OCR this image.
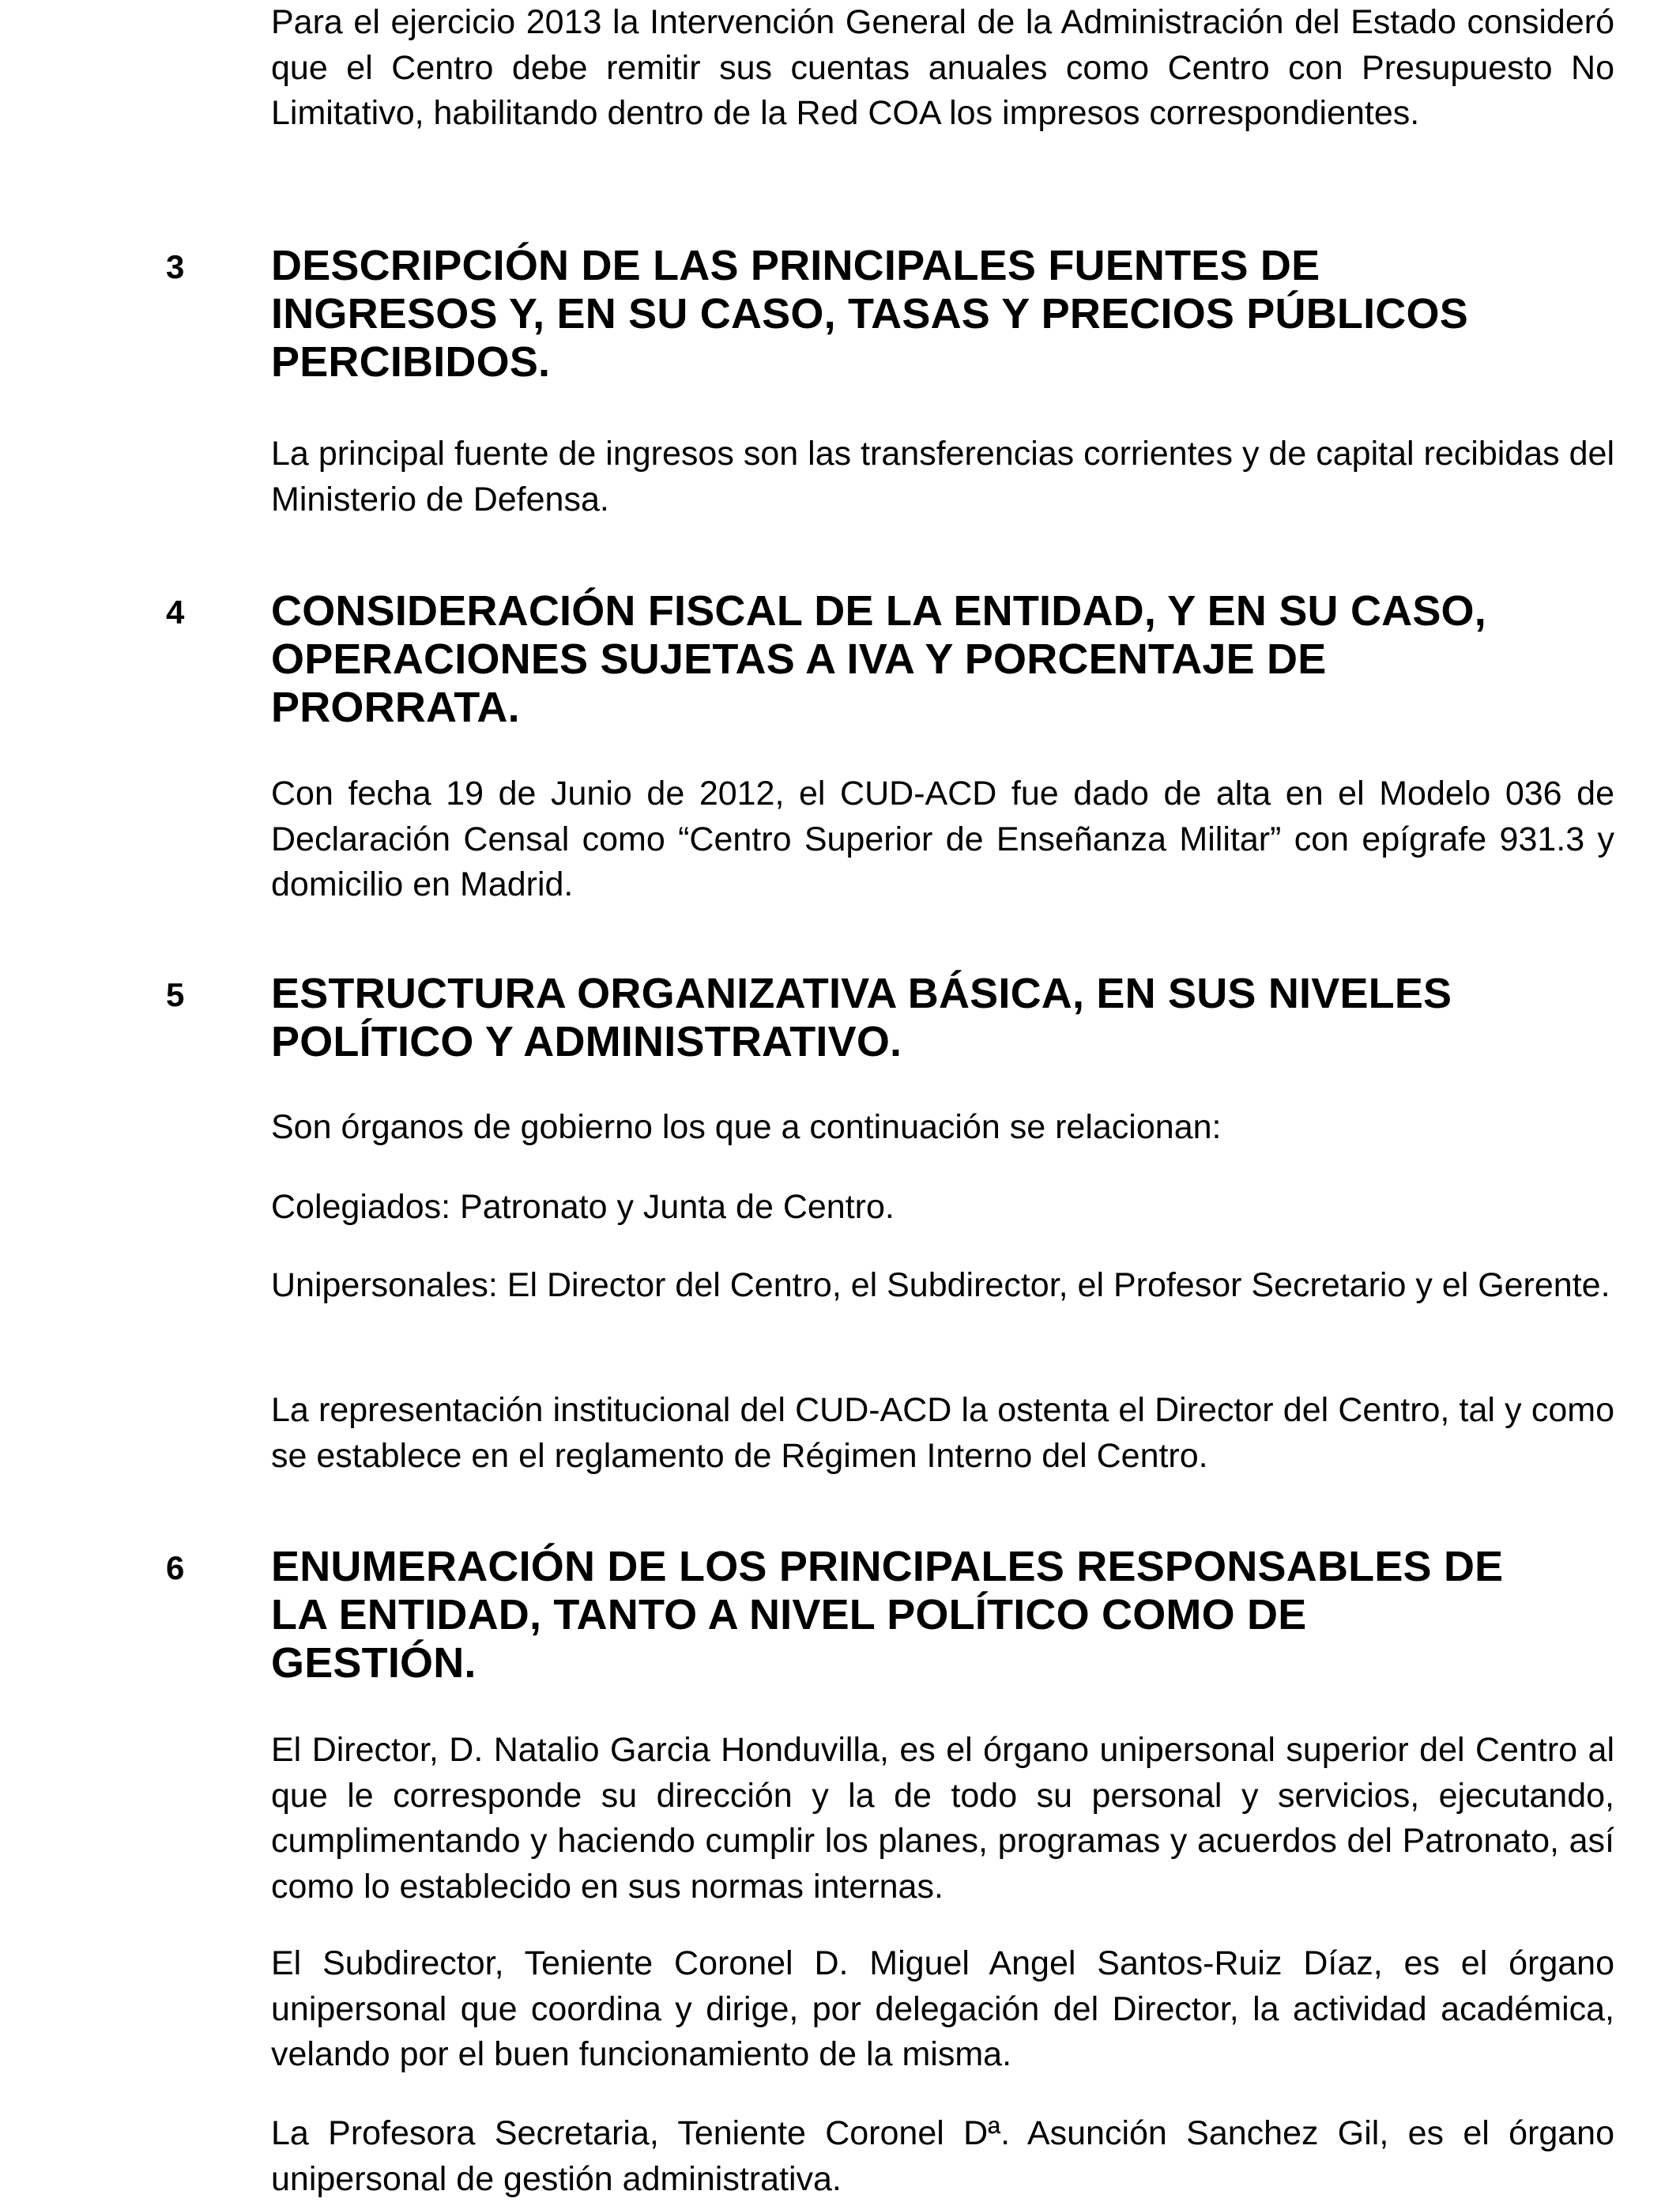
Para el ejercicio 2013 la Intervención General de la Administración del Estado consideró que el Centro debe remitir sus cuentas anuales como Centro con Presupuesto No Limitativo, habilitando dentro de la Red COA los impresos correspondientes.

3 DESCRIPCIÓN DE LAS PRINCIPALES FUENTES DE INGRESOS Y, EN SU CASO, TASAS Y PRECIOS PÚBLICOS PERCIBIDOS.

La principal fuente de ingresos son las transferencias corrientes y de capital recibidas del Ministerio de Defensa.

4 CONSIDERACIÓN FISCAL DE LA ENTIDAD, Y EN SU CASO, OPERACIONES SUJETAS A IVA Y PORCENTAJE DE PRORRATA.

Con fecha 19 de Junio de 2012, el CUD-ACD fue dado de alta en el Modelo 036 de Declaración Censal como “Centro Superior de Enseñanza Militar” con epígrafe 931.3 y domicilio en Madrid.

5 ESTRUCTURA ORGANIZATIVA BÁSICA, EN SUS NIVELES POLÍTICO Y ADMINISTRATIVO.

Son órganos de gobierno los que a continuación se relacionan:

Colegiados: Patronato y Junta de Centro.

Unipersonales: El Director del Centro, el Subdirector, el Profesor Secretario y el Gerente.

La representación institucional del CUD-ACD la ostenta el Director del Centro, tal y como se establece en el reglamento de Régimen Interno del Centro.

6 ENUMERACIÓN DE LOS PRINCIPALES RESPONSABLES DE LA ENTIDAD, TANTO A NIVEL POLÍTICO COMO DE GESTIÓN.

El Director, D. Natalio Garcia Honduvilla, es el órgano unipersonal superior del Centro al que le corresponde su dirección y la de todo su personal y servicios, ejecutando, cumplimentando y haciendo cumplir los planes, programas y acuerdos del Patronato, así como lo establecido en sus normas internas.

El Subdirector, Teniente Coronel D. Miguel Angel Santos-Ruiz Díaz, es el órgano unipersonal que coordina y dirige, por delegación del Director, la actividad académica, velando por el buen funcionamiento de la misma.

La Profesora Secretaria, Teniente Coronel Dª. Asunción Sanchez Gil, es el órgano unipersonal de gestión administrativa.
